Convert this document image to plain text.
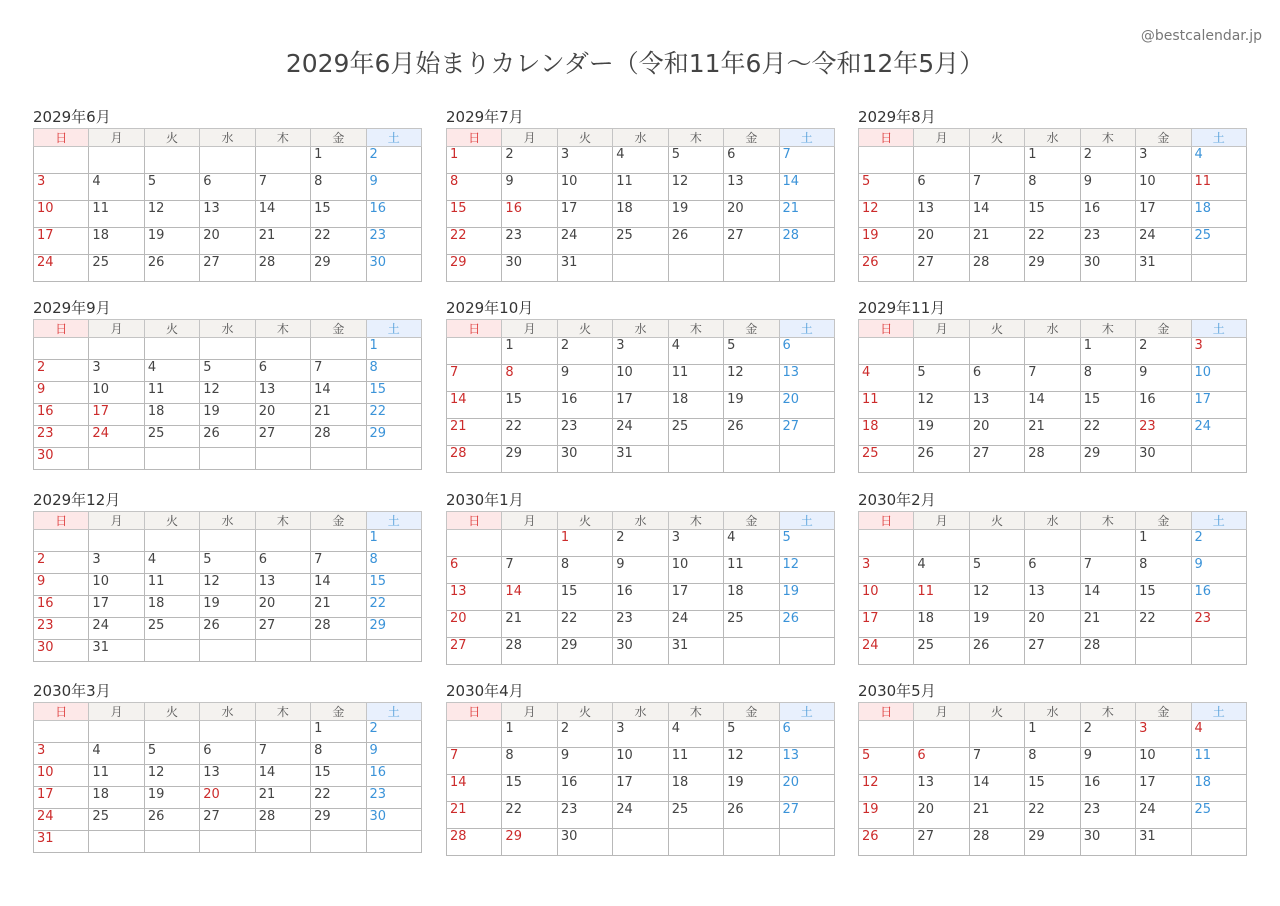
2029年6月始まりカレンダー（令和11年6月〜令和12年5月）
@bestcalendar.jp
2029年6月
日	月	火	水	木	金	土
					1	2
3	4	5	6	7	8	9
10	11	12	13	14	15	16
17	18	19	20	21	22	23
24	25	26	27	28	29	30
2029年7月
日	月	火	水	木	金	土
1	2	3	4	5	6	7
8	9	10	11	12	13	14
15	16	17	18	19	20	21
22	23	24	25	26	27	28
29	30	31				
2029年8月
日	月	火	水	木	金	土
			1	2	3	4
5	6	7	8	9	10	11
12	13	14	15	16	17	18
19	20	21	22	23	24	25
26	27	28	29	30	31	
2029年9月
日	月	火	水	木	金	土
						1
2	3	4	5	6	7	8
9	10	11	12	13	14	15
16	17	18	19	20	21	22
23	24	25	26	27	28	29
30						
2029年10月
日	月	火	水	木	金	土
	1	2	3	4	5	6
7	8	9	10	11	12	13
14	15	16	17	18	19	20
21	22	23	24	25	26	27
28	29	30	31			
2029年11月
日	月	火	水	木	金	土
				1	2	3
4	5	6	7	8	9	10
11	12	13	14	15	16	17
18	19	20	21	22	23	24
25	26	27	28	29	30	
2029年12月
日	月	火	水	木	金	土
						1
2	3	4	5	6	7	8
9	10	11	12	13	14	15
16	17	18	19	20	21	22
23	24	25	26	27	28	29
30	31					
2030年1月
日	月	火	水	木	金	土
		1	2	3	4	5
6	7	8	9	10	11	12
13	14	15	16	17	18	19
20	21	22	23	24	25	26
27	28	29	30	31		
2030年2月
日	月	火	水	木	金	土
					1	2
3	4	5	6	7	8	9
10	11	12	13	14	15	16
17	18	19	20	21	22	23
24	25	26	27	28		
2030年3月
日	月	火	水	木	金	土
					1	2
3	4	5	6	7	8	9
10	11	12	13	14	15	16
17	18	19	20	21	22	23
24	25	26	27	28	29	30
31						
2030年4月
日	月	火	水	木	金	土
	1	2	3	4	5	6
7	8	9	10	11	12	13
14	15	16	17	18	19	20
21	22	23	24	25	26	27
28	29	30				
2030年5月
日	月	火	水	木	金	土
			1	2	3	4
5	6	7	8	9	10	11
12	13	14	15	16	17	18
19	20	21	22	23	24	25
26	27	28	29	30	31	
